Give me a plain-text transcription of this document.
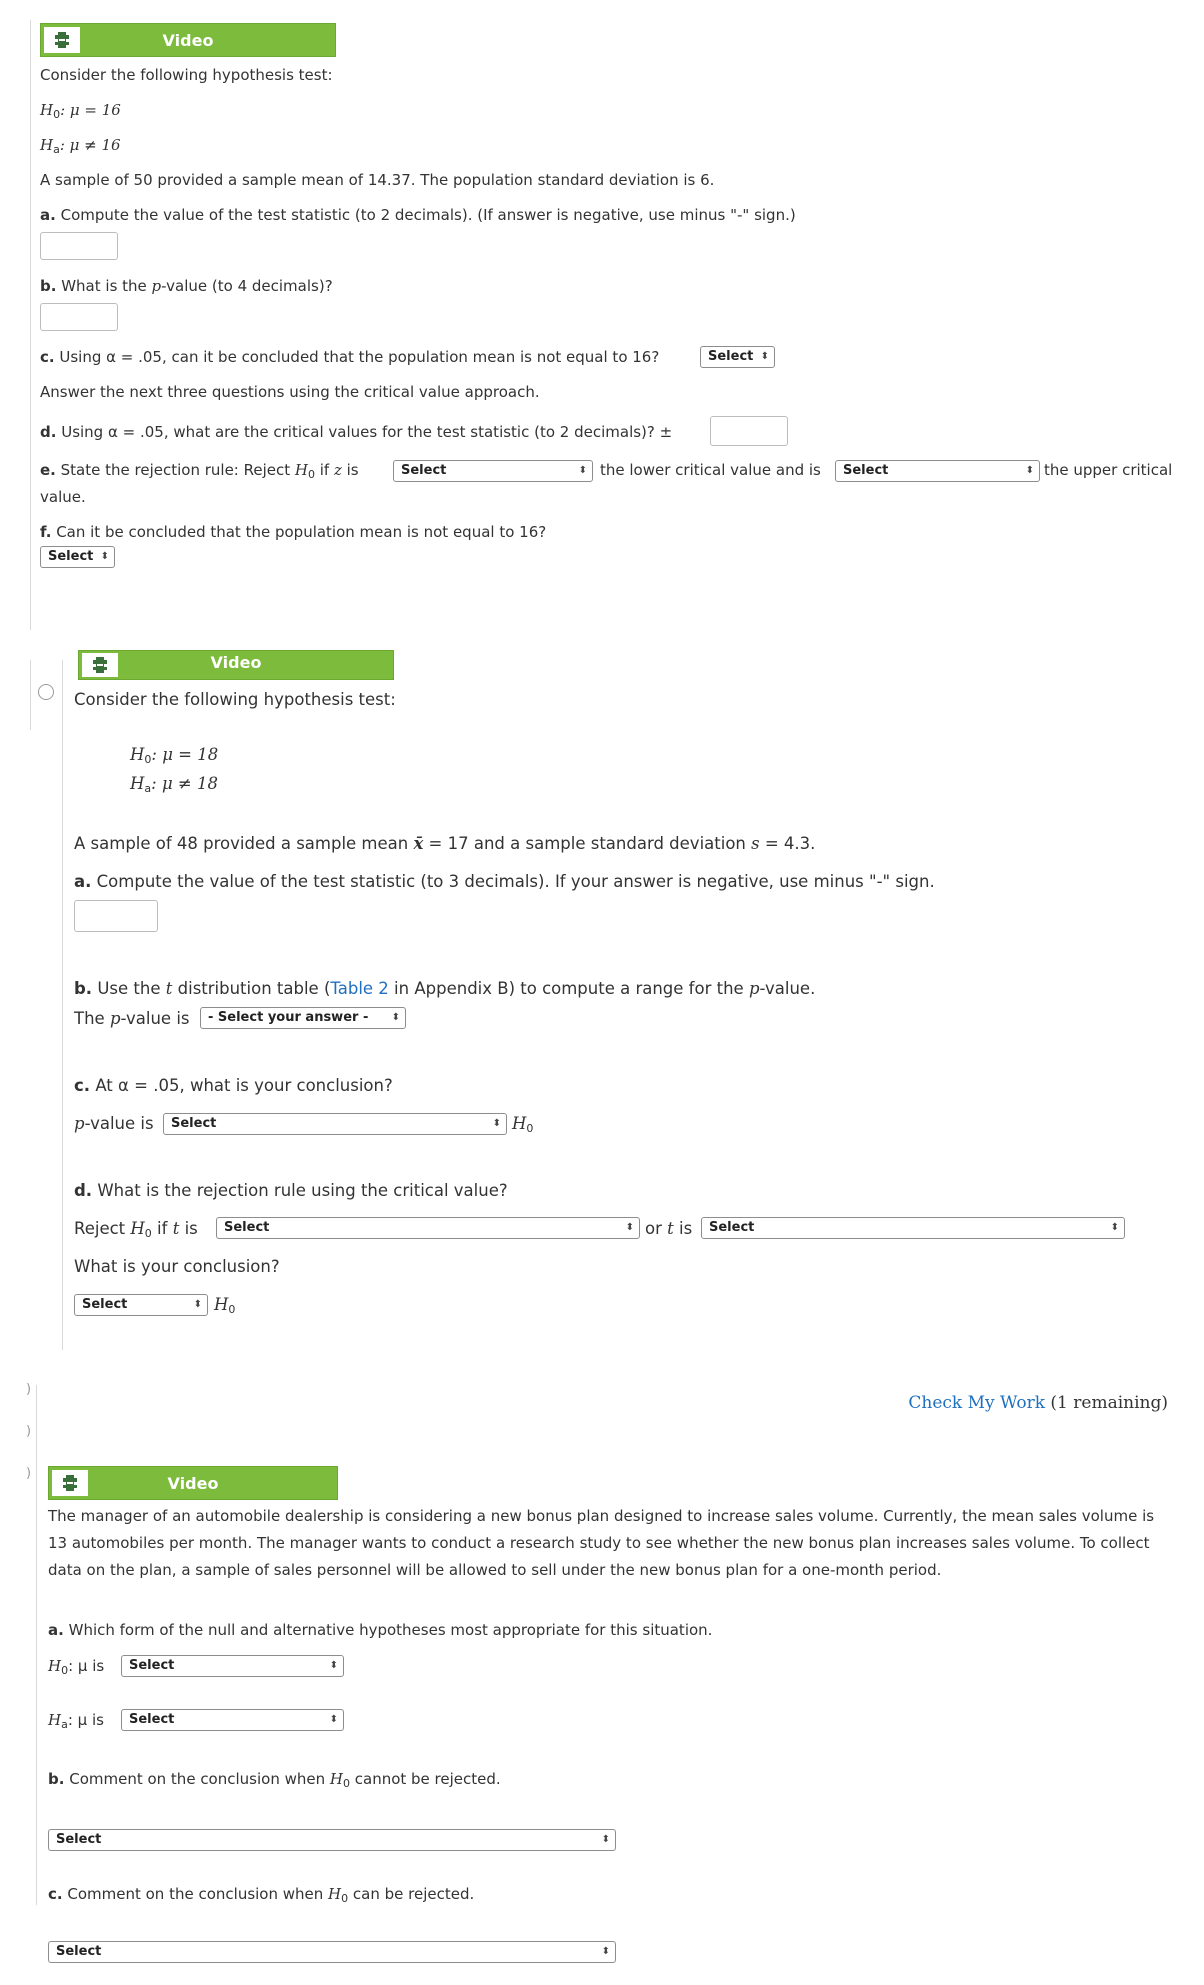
Video
Consider the following hypothesis test:
$H_0$: μ = 16
$H_a$: μ ≠ 16
A sample of 50 provided a sample mean of 14.37. The population standard deviation is 6.
a. Compute the value of the test statistic (to 2 decimals). (If answer is negative, use minus "-" sign.)
b. What is the p-value (to 4 decimals)?
c. Using α = .05, can it be concluded that the population mean is not equal to 16?	Select ⬍
Answer the next three questions using the critical value approach.
d. Using α = .05, what are the critical values for the test statistic (to 2 decimals)? ±
e. State the rejection rule: Reject $H_0$ if z is	Select	⬍ the lower critical value and is	Select	⬍ the upper critical
value.
f. Can it be concluded that the population mean is not equal to 16?
Select ⬍
Video
Consider the following hypothesis test:
$H_0$: μ = 18
$H_a$: μ ≠ 18
A sample of 48 provided a sample mean x̄ = 17 and a sample standard deviation s = 4.3.
a. Compute the value of the test statistic (to 3 decimals). If your answer is negative, use minus "-" sign.
b. Use the t distribution table (Table 2 in Appendix B) to compute a range for the p-value.
The p-value is	- Select your answer - ⬍
c. At α = .05, what is your conclusion?
p-value is	Select	⬍ $H_0$
d. What is the rejection rule using the critical value?
Reject $H_0$ if t is	Select	⬍ or t is	Select	⬍
What is your conclusion?
Select	⬍ $H_0$
)
)
)
Check My Work (1 remaining)
Video
The manager of an automobile dealership is considering a new bonus plan designed to increase sales volume. Currently, the mean sales volume is
13 automobiles per month. The manager wants to conduct a research study to see whether the new bonus plan increases sales volume. To collect
data on the plan, a sample of sales personnel will be allowed to sell under the new bonus plan for a one-month period.
a. Which form of the null and alternative hypotheses most appropriate for this situation.
$H_0$: μ is	Select	⬍
$H_a$: μ is	Select	⬍
b. Comment on the conclusion when $H_0$ cannot be rejected.
Select	⬍
c. Comment on the conclusion when $H_0$ can be rejected.
Select	⬍
